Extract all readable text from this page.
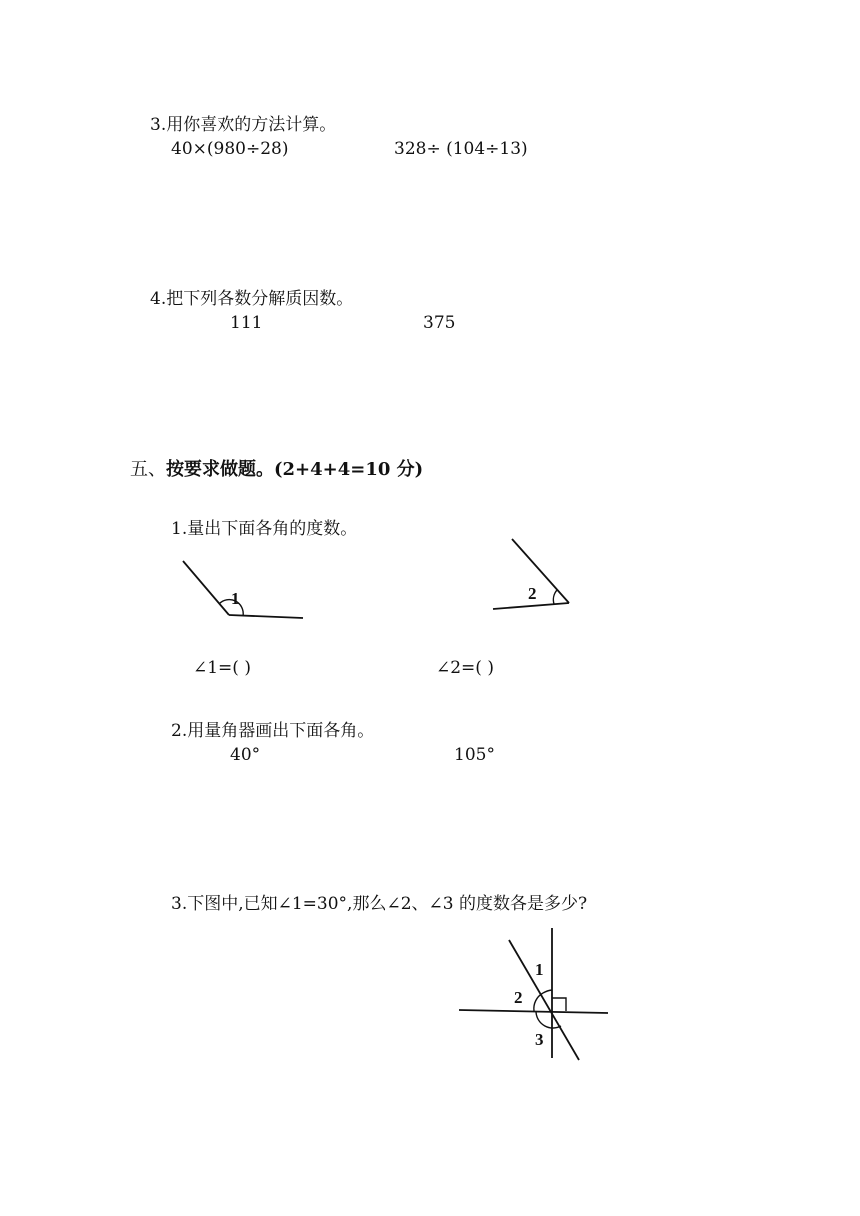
3.用你喜欢的方法计算。
40×(980÷28)	328÷ (104÷13)
4.把下列各数分解质因数。
111	375
五、按要求做题。(2+4+4=10 分)
1.量出下面各角的度数。
1	2
1
2
3
∠1=( )	∠2=( )
2.用量角器画出下面各角。
40°	105°
3.下图中,已知∠1=30°,那么∠2、∠3 的度数各是多少?
